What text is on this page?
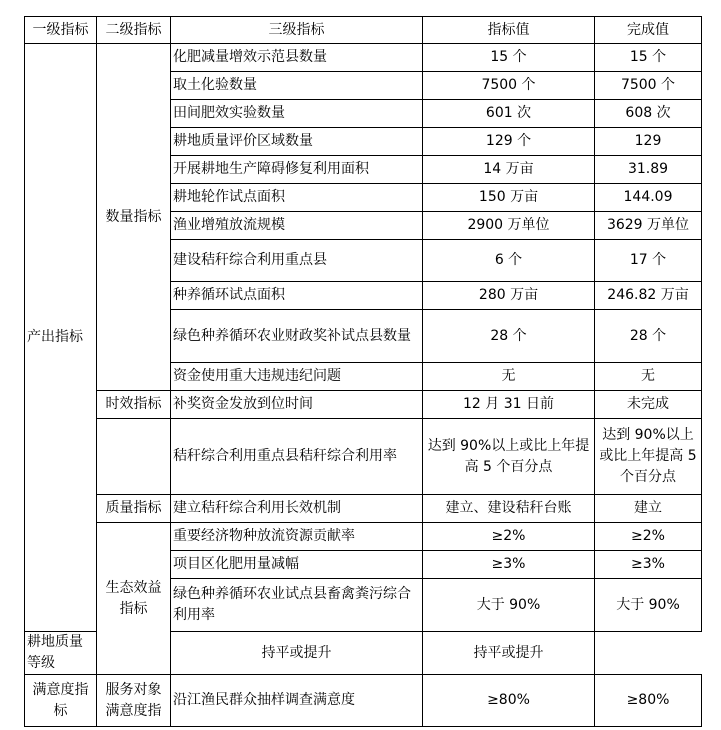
一级指标	二级指标	三级指标	指标值	完成值
产出指标	数量指标	化肥减量增效示范县数量	15 个	15 个
		取土化验数量	7500 个	7500 个
		田间肥效实验数量	601 次	608 次
		耕地质量评价区域数量	129 个	129
		开展耕地生产障碍修复利用面积	14 万亩	31.89
		耕地轮作试点面积	150 万亩	144.09
		渔业增殖放流规模	2900 万单位	3629 万单位
		建设秸秆综合利用重点县	6 个	17 个
		种养循环试点面积	280 万亩	246.82 万亩
		绿色种养循环农业财政奖补试点县数量	28 个	28 个
		资金使用重大违规违纪问题	无	无
	时效指标	补奖资金发放到位时间	12 月 31 日前	未完成
		秸秆综合利用重点县秸秆综合利用率	达到 90%以上或比上年提高 5 个百分点	达到 90%以上或比上年提高 5 个百分点
	质量指标	建立秸秆综合利用长效机制	建立、建设秸秆台账	建立
	生态效益指标	重要经济物种放流资源贡献率	≥2%	≥2%
		项目区化肥用量减幅	≥3%	≥3%
		绿色种养循环农业试点县畜禽粪污综合利用率	大于 90%	大于 90%
耕地质量等级		持平或提升	持平或提升	
满意度指标	服务对象满意度指	沿江渔民群众抽样调查满意度	≥80%	≥80%
